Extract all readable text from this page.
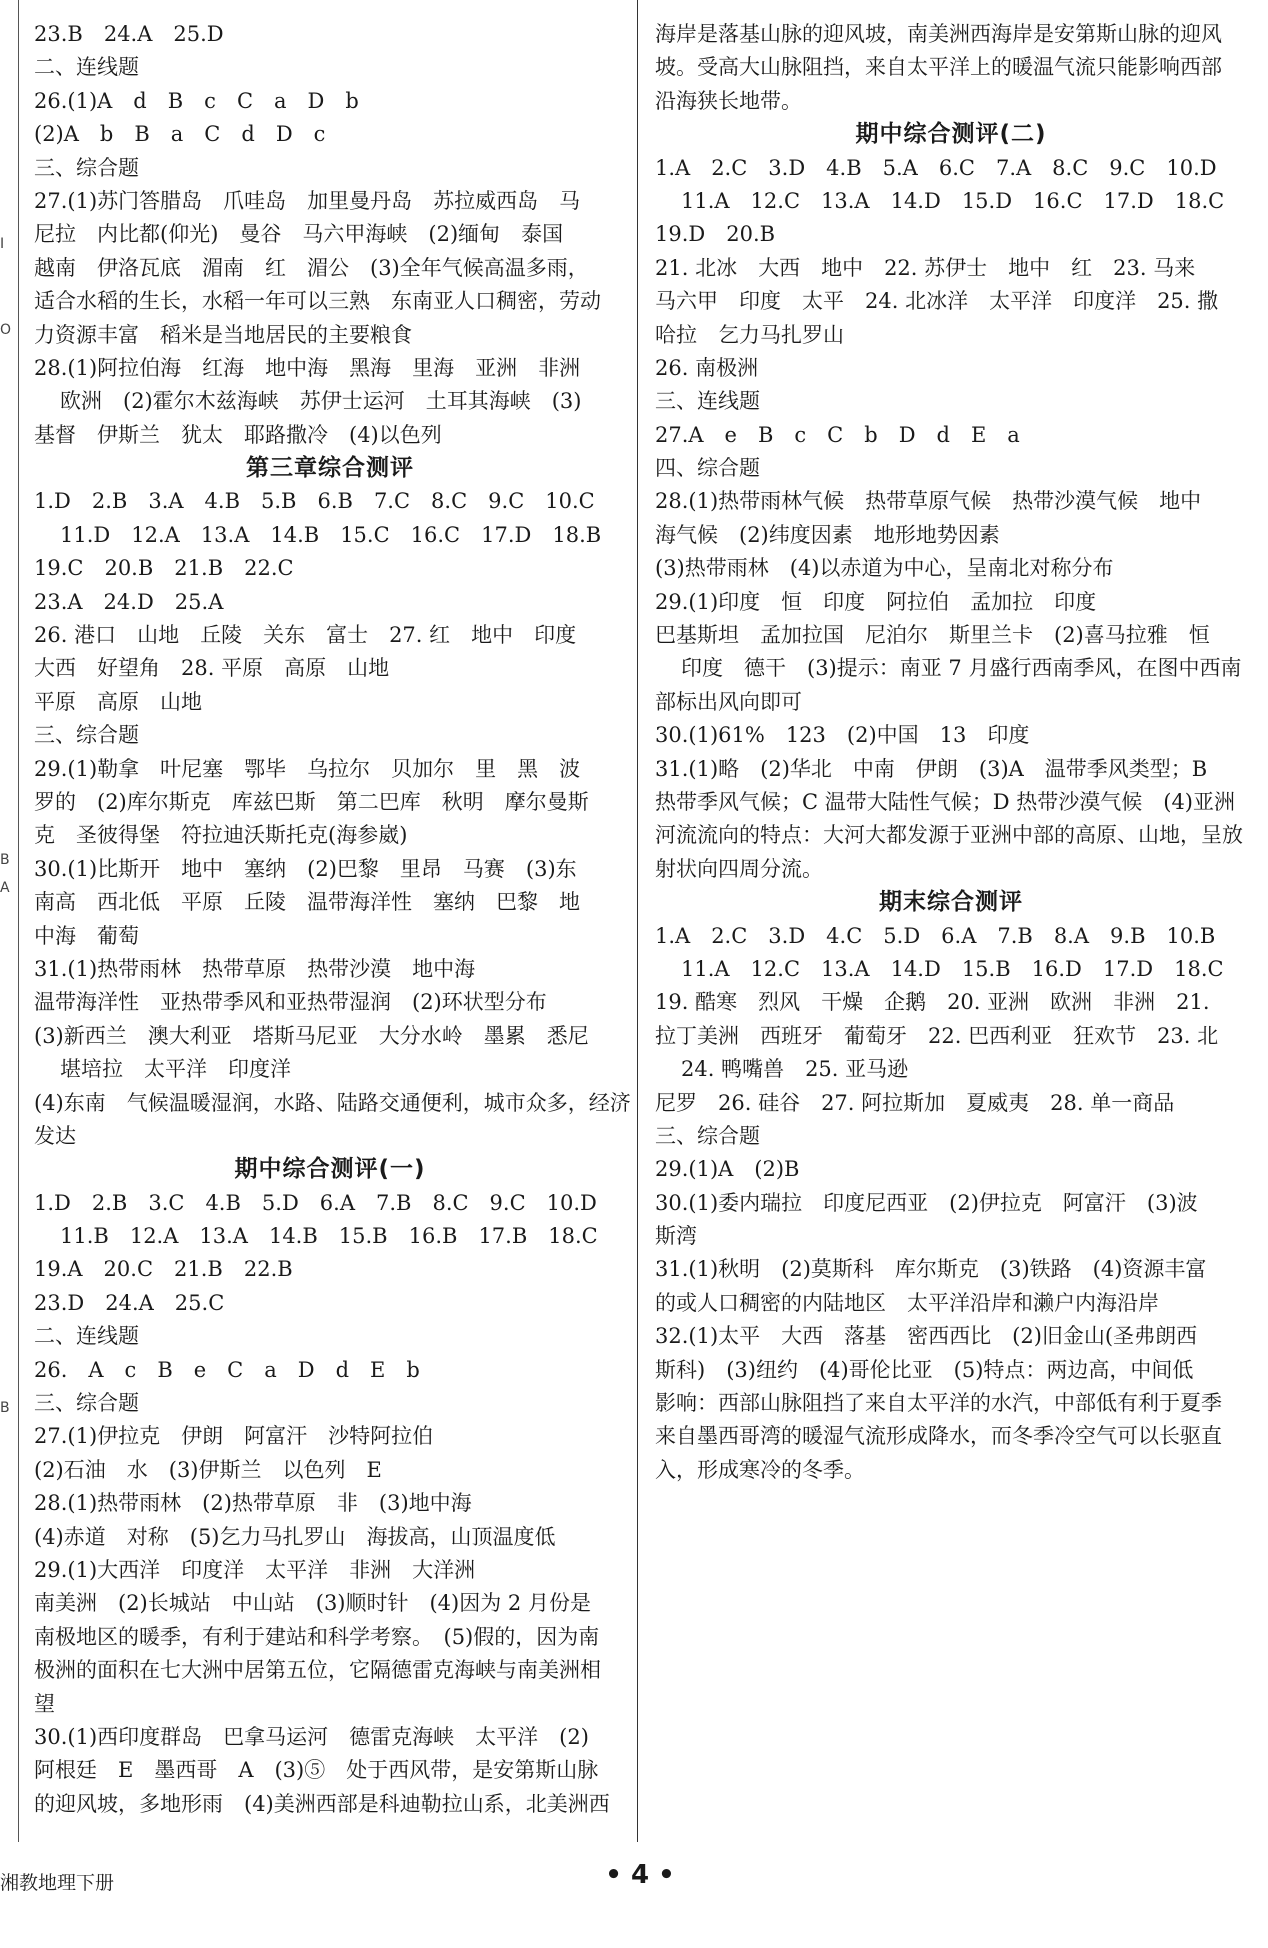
I
O
B
A
B
23.B　24.A　25.D
二、连线题
26.(1)A　d　B　c　C　a　D　b
(2)A　b　B　a　C　d　D　c
三、综合题
27.(1)苏门答腊岛　爪哇岛　加里曼丹岛　苏拉威西岛　马
尼拉　内比都(仰光)　曼谷　马六甲海峡　(2)缅甸　泰国
越南　伊洛瓦底　湄南　红　湄公　(3)全年气候高温多雨，
适合水稻的生长，水稻一年可以三熟　东南亚人口稠密，劳动
力资源丰富　稻米是当地居民的主要粮食
28.(1)阿拉伯海　红海　地中海　黑海　里海　亚洲　非洲
欧洲　(2)霍尔木兹海峡　苏伊士运河　土耳其海峡　(3)
基督　伊斯兰　犹太　耶路撒冷　(4)以色列
第三章综合测评
1.D　2.B　3.A　4.B　5.B　6.B　7.C　8.C　9.C　10.C
11.D　12.A　13.A　14.B　15.C　16.C　17.D　18.B
19.C　20.B　21.B　22.C
23.A　24.D　25.A
26. 港口　山地　丘陵　关东　富士　27. 红　地中　印度
大西　好望角　28. 平原　高原　山地
平原　高原　山地
三、综合题
29.(1)勒拿　叶尼塞　鄂毕　乌拉尔　贝加尔　里　黑　波
罗的　(2)库尔斯克　库兹巴斯　第二巴库　秋明　摩尔曼斯
克　圣彼得堡　符拉迪沃斯托克(海参崴)
30.(1)比斯开　地中　塞纳　(2)巴黎　里昂　马赛　(3)东
南高　西北低　平原　丘陵　温带海洋性　塞纳　巴黎　地
中海　葡萄
31.(1)热带雨林　热带草原　热带沙漠　地中海
温带海洋性　亚热带季风和亚热带湿润　(2)环状型分布
(3)新西兰　澳大利亚　塔斯马尼亚　大分水岭　墨累　悉尼
堪培拉　太平洋　印度洋
(4)东南　气候温暖湿润，水路、陆路交通便利，城市众多，经济
发达
期中综合测评(一)
1.D　2.B　3.C　4.B　5.D　6.A　7.B　8.C　9.C　10.D
11.B　12.A　13.A　14.B　15.B　16.B　17.B　18.C
19.A　20.C　21.B　22.B
23.D　24.A　25.C
二、连线题
26.　A　c　B　e　C　a　D　d　E　b
三、综合题
27.(1)伊拉克　伊朗　阿富汗　沙特阿拉伯
(2)石油　水　(3)伊斯兰　以色列　E
28.(1)热带雨林　(2)热带草原　非　(3)地中海
(4)赤道　对称　(5)乞力马扎罗山　海拔高，山顶温度低
29.(1)大西洋　印度洋　太平洋　非洲　大洋洲
南美洲　(2)长城站　中山站　(3)顺时针　(4)因为 2 月份是
南极地区的暖季，有利于建站和科学考察。　(5)假的，因为南
极洲的面积在七大洲中居第五位，它隔德雷克海峡与南美洲相
望
30.(1)西印度群岛　巴拿马运河　德雷克海峡　太平洋　(2)
阿根廷　E　墨西哥　A　(3)⑤　处于西风带，是安第斯山脉
的迎风坡，多地形雨　(4)美洲西部是科迪勒拉山系，北美洲西
海岸是落基山脉的迎风坡，南美洲西海岸是安第斯山脉的迎风
坡。受高大山脉阻挡，来自太平洋上的暖温气流只能影响西部
沿海狭长地带。
期中综合测评(二)
1.A　2.C　3.D　4.B　5.A　6.C　7.A　8.C　9.C　10.D
11.A　12.C　13.A　14.D　15.D　16.C　17.D　18.C
19.D　20.B
21. 北冰　大西　地中　22. 苏伊士　地中　红　23. 马来
马六甲　印度　太平　24. 北冰洋　太平洋　印度洋　25. 撒
哈拉　乞力马扎罗山
26. 南极洲
三、连线题
27.A　e　B　c　C　b　D　d　E　a
四、综合题
28.(1)热带雨林气候　热带草原气候　热带沙漠气候　地中
海气候　(2)纬度因素　地形地势因素
(3)热带雨林　(4)以赤道为中心，呈南北对称分布
29.(1)印度　恒　印度　阿拉伯　孟加拉　印度
巴基斯坦　孟加拉国　尼泊尔　斯里兰卡　(2)喜马拉雅　恒
印度　德干　(3)提示：南亚 7 月盛行西南季风，在图中西南
部标出风向即可
30.(1)61%　123　(2)中国　13　印度
31.(1)略　(2)华北　中南　伊朗　(3)A　温带季风类型；B
热带季风气候；C 温带大陆性气候；D 热带沙漠气候　(4)亚洲
河流流向的特点：大河大都发源于亚洲中部的高原、山地，呈放
射状向四周分流。
期末综合测评
1.A　2.C　3.D　4.C　5.D　6.A　7.B　8.A　9.B　10.B
11.A　12.C　13.A　14.D　15.B　16.D　17.D　18.C
19. 酷寒　烈风　干燥　企鹅　20. 亚洲　欧洲　非洲　21.
拉丁美洲　西班牙　葡萄牙　22. 巴西利亚　狂欢节　23. 北
24. 鸭嘴兽　25. 亚马逊
尼罗　26. 硅谷　27. 阿拉斯加　夏威夷　28. 单一商品
三、综合题
29.(1)A　(2)B
30.(1)委内瑞拉　印度尼西亚　(2)伊拉克　阿富汗　(3)波
斯湾
31.(1)秋明　(2)莫斯科　库尔斯克　(3)铁路　(4)资源丰富
的或人口稠密的内陆地区　太平洋沿岸和濑户内海沿岸
32.(1)太平　大西　落基　密西西比　(2)旧金山(圣弗朗西
斯科)　(3)纽约　(4)哥伦比亚　(5)特点：两边高，中间低
影响：西部山脉阻挡了来自太平洋的水汽，中部低有利于夏季
来自墨西哥湾的暖湿气流形成降水，而冬季冷空气可以长驱直
入，形成寒冷的冬季。
湘教地理下册	• 4 •
